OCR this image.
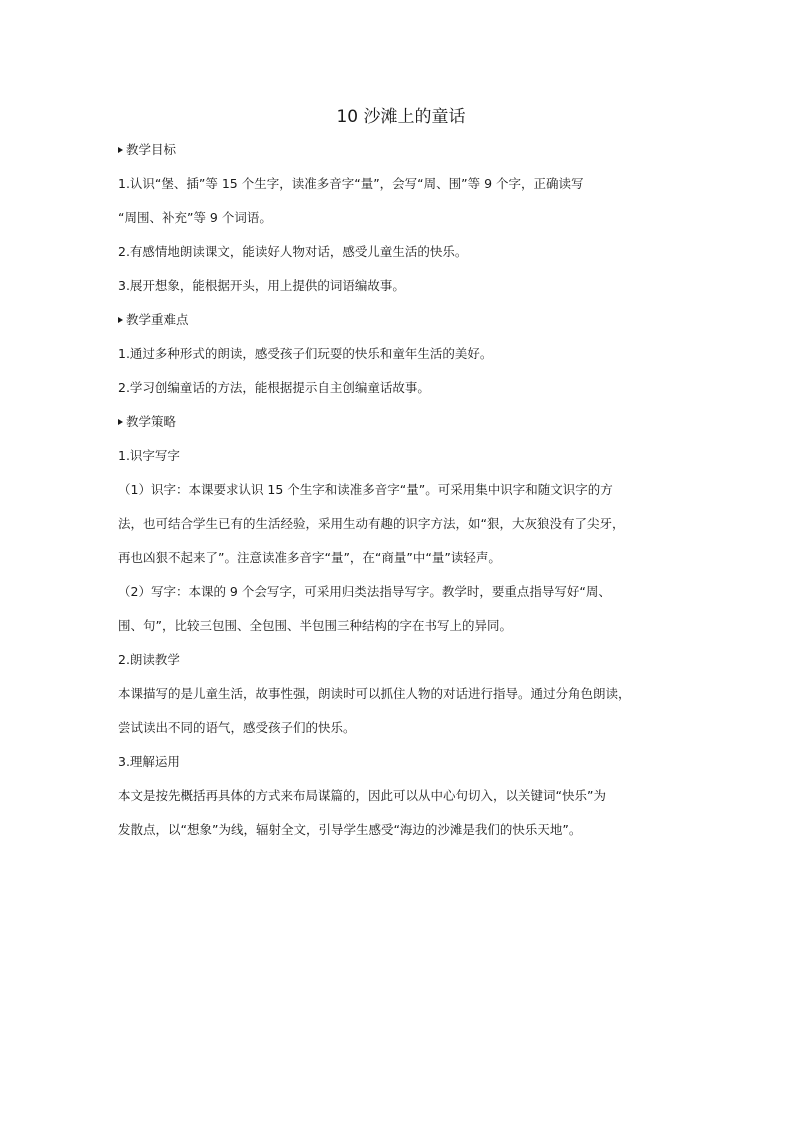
10 沙滩上的童话
教学目标
1.认识“堡、插”等 15 个生字，读准多音字“量”，会写“周、围”等 9 个字，正确读写
“周围、补充”等 9 个词语。
2.有感情地朗读课文，能读好人物对话，感受儿童生活的快乐。
3.展开想象，能根据开头，用上提供的词语编故事。
教学重难点
1.通过多种形式的朗读，感受孩子们玩耍的快乐和童年生活的美好。
2.学习创编童话的方法，能根据提示自主创编童话故事。
教学策略
1.识字写字
（1）识字：本课要求认识 15 个生字和读准多音字“量”。可采用集中识字和随文识字的方
法，也可结合学生已有的生活经验，采用生动有趣的识字方法，如“狠，大灰狼没有了尖牙，
再也凶狠不起来了”。注意读准多音字“量”，在“商量”中“量”读轻声。
（2）写字：本课的 9 个会写字，可采用归类法指导写字。教学时，要重点指导写好“周、
围、句”，比较三包围、全包围、半包围三种结构的字在书写上的异同。
2.朗读教学
本课描写的是儿童生活，故事性强，朗读时可以抓住人物的对话进行指导。通过分角色朗读，
尝试读出不同的语气，感受孩子们的快乐。
3.理解运用
本文是按先概括再具体的方式来布局谋篇的，因此可以从中心句切入，以关键词“快乐”为
发散点，以“想象”为线，辐射全文，引导学生感受“海边的沙滩是我们的快乐天地”。
